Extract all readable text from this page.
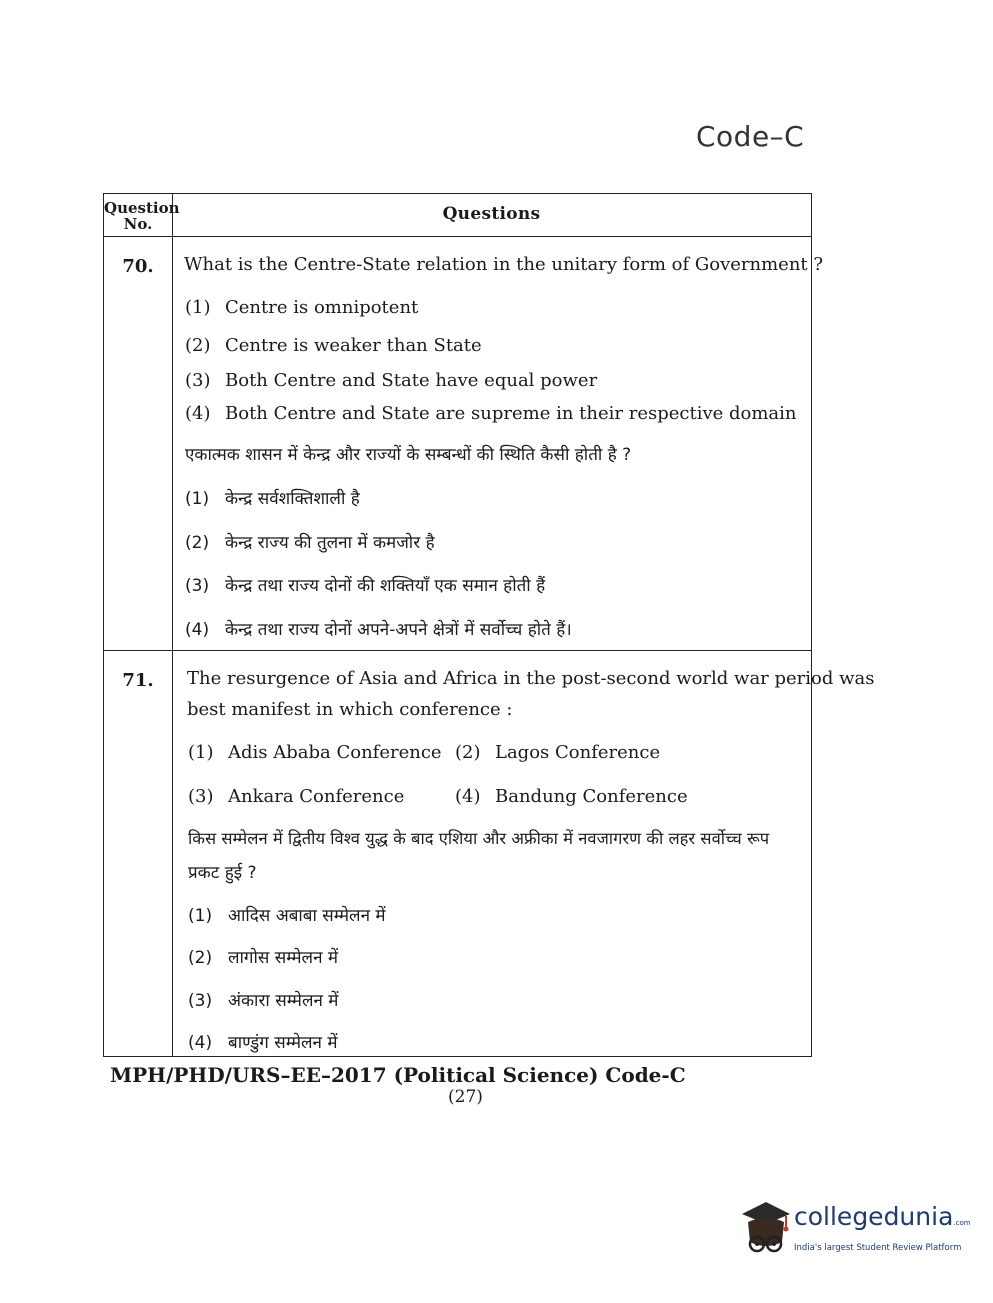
Code–C
Question No.	Questions
70.	What is the Centre-State relation in the unitary form of Government ?
(1) Centre is omnipotent
(2) Centre is weaker than State
(3) Both Centre and State have equal power
(4) Both Centre and State are supreme in their respective domain
एकात्मक शासन में केन्द्र और राज्यों के सम्बन्धों की स्थिति कैसी होती है ?
(1) केन्द्र सर्वशक्तिशाली है
(2) केन्द्र राज्य की तुलना में कमजोर है
(3) केन्द्र तथा राज्य दोनों की शक्तियाँ एक समान होती हैं
(4) केन्द्र तथा राज्य दोनों अपने-अपने क्षेत्रों में सर्वोच्च होते हैं।
71.	The resurgence of Asia and Africa in the post-second world war period was
best manifest in which conference :
(1) Adis Ababa Conference (2) Lagos Conference
(3) Ankara Conference	(4) Bandung Conference
किस सम्मेलन में द्वितीय विश्व युद्ध के बाद एशिया और अफ्रीका में नवजागरण की लहर सर्वोच्च रूप
प्रकट हुई ?
(1) आदिस अबाबा सम्मेलन में
(2) लागोस सम्मेलन में
(3) अंकारा सम्मेलन में
(4) बाण्डुंग सम्मेलन में
MPH/PHD/URS–EE–2017 (Political Science) Code-C
(27)
collegedunia.com
India's largest Student Review Platform
